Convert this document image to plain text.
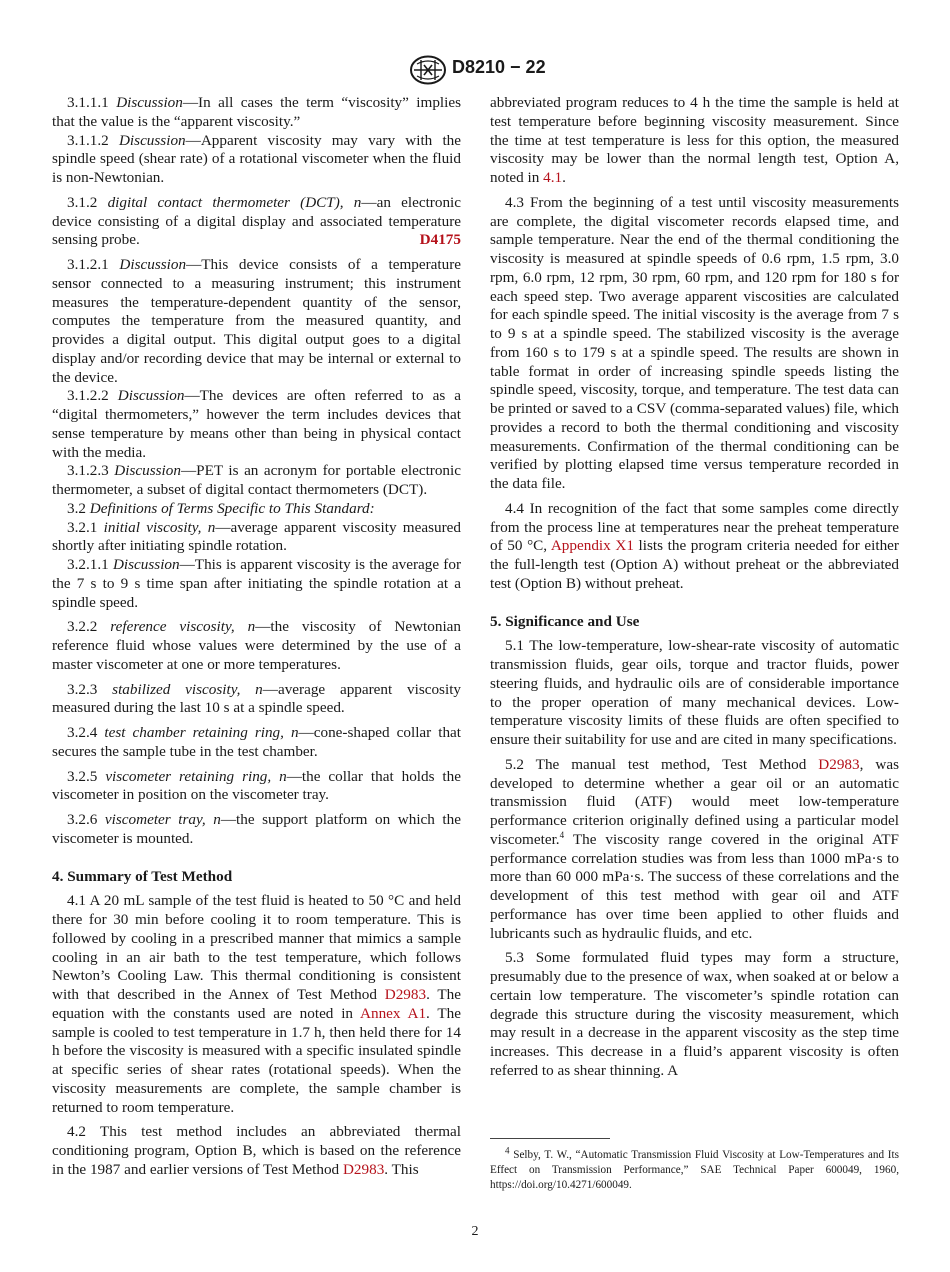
D8210 − 22

3.1.1.1 Discussion—In all cases the term “viscosity” implies that the value is the “apparent viscosity.”

3.1.1.2 Discussion—Apparent viscosity may vary with the spindle speed (shear rate) of a rotational viscometer when the fluid is non-Newtonian.

3.1.2 digital contact thermometer (DCT), n—an electronic device consisting of a digital display and associated temperature sensing probe.	D4175

3.1.2.1 Discussion—This device consists of a temperature sensor connected to a measuring instrument; this instrument measures the temperature-dependent quantity of the sensor, computes the temperature from the measured quantity, and provides a digital output. This digital output goes to a digital display and/or recording device that may be internal or external to the device.

3.1.2.2 Discussion—The devices are often referred to as a “digital thermometers,” however the term includes devices that sense temperature by means other than being in physical contact with the media.

3.1.2.3 Discussion—PET is an acronym for portable electronic thermometer, a subset of digital contact thermometers (DCT).

3.2 Definitions of Terms Specific to This Standard:

3.2.1 initial viscosity, n—average apparent viscosity measured shortly after initiating spindle rotation.

3.2.1.1 Discussion—This is apparent viscosity is the average for the 7 s to 9 s time span after initiating the spindle rotation at a spindle speed.

3.2.2 reference viscosity, n—the viscosity of Newtonian reference fluid whose values were determined by the use of a master viscometer at one or more temperatures.

3.2.3 stabilized viscosity, n—average apparent viscosity measured during the last 10 s at a spindle speed.

3.2.4 test chamber retaining ring, n—cone-shaped collar that secures the sample tube in the test chamber.

3.2.5 viscometer retaining ring, n—the collar that holds the viscometer in position on the viscometer tray.

3.2.6 viscometer tray, n—the support platform on which the viscometer is mounted.

4. Summary of Test Method

4.1 A 20 mL sample of the test fluid is heated to 50 °C and held there for 30 min before cooling it to room temperature. This is followed by cooling in a prescribed manner that mimics a sample cooling in an air bath to the test temperature, which follows Newton’s Cooling Law. This thermal conditioning is consistent with that described in the Annex of Test Method D2983. The equation with the constants used are noted in Annex A1. The sample is cooled to test temperature in 1.7 h, then held there for 14 h before the viscosity is measured with a specific insulated spindle at specific series of shear rates (rotational speeds). When the viscosity measurements are complete, the sample chamber is returned to room temperature.

4.2 This test method includes an abbreviated thermal conditioning program, Option B, which is based on the reference in the 1987 and earlier versions of Test Method D2983. This

abbreviated program reduces to 4 h the time the sample is held at test temperature before beginning viscosity measurement. Since the time at test temperature is less for this option, the measured viscosity may be lower than the normal length test, Option A, noted in 4.1.

4.3 From the beginning of a test until viscosity measurements are complete, the digital viscometer records elapsed time, and sample temperature. Near the end of the thermal conditioning the viscosity is measured at spindle speeds of 0.6 rpm, 1.5 rpm, 3.0 rpm, 6.0 rpm, 12 rpm, 30 rpm, 60 rpm, and 120 rpm for 180 s for each speed step. Two average apparent viscosities are calculated for each spindle speed. The initial viscosity is the average from 7 s to 9 s at a spindle speed. The stabilized viscosity is the average from 160 s to 179 s at a spindle speed. The results are shown in table format in order of increasing spindle speeds listing the spindle speed, viscosity, torque, and temperature. The test data can be printed or saved to a CSV (comma-separated values) file, which provides a record to both the thermal conditioning and viscosity measurements. Confirmation of the thermal conditioning can be verified by plotting elapsed time versus temperature recorded in the data file.

4.4 In recognition of the fact that some samples come directly from the process line at temperatures near the preheat temperature of 50 °C, Appendix X1 lists the program criteria needed for either the full-length test (Option A) without preheat or the abbreviated test (Option B) without preheat.

5. Significance and Use

5.1 The low-temperature, low-shear-rate viscosity of automatic transmission fluids, gear oils, torque and tractor fluids, power steering fluids, and hydraulic oils are of considerable importance to the proper operation of many mechanical devices. Low-temperature viscosity limits of these fluids are often specified to ensure their suitability for use and are cited in many specifications.

5.2 The manual test method, Test Method D2983, was developed to determine whether a gear oil or an automatic transmission fluid (ATF) would meet low-temperature performance criterion originally defined using a particular model viscometer.$^4$ The viscosity range covered in the original ATF performance correlation studies was from less than 1000 mPa·s to more than 60 000 mPa·s. The success of these correlations and the development of this test method with gear oil and ATF performance has over time been applied to other fluids and lubricants such as hydraulic fluids, and etc.

5.3 Some formulated fluid types may form a structure, presumably due to the presence of wax, when soaked at or below a certain low temperature. The viscometer’s spindle rotation can degrade this structure during the viscosity measurement, which may result in a decrease in the apparent viscosity as the step time increases. This decrease in a fluid’s apparent viscosity is often referred to as shear thinning. A

$^4$ Selby, T. W., “Automatic Transmission Fluid Viscosity at Low-Temperatures and Its Effect on Transmission Performance,” SAE Technical Paper 600049, 1960, https://doi.org/10.4271/600049.
2
